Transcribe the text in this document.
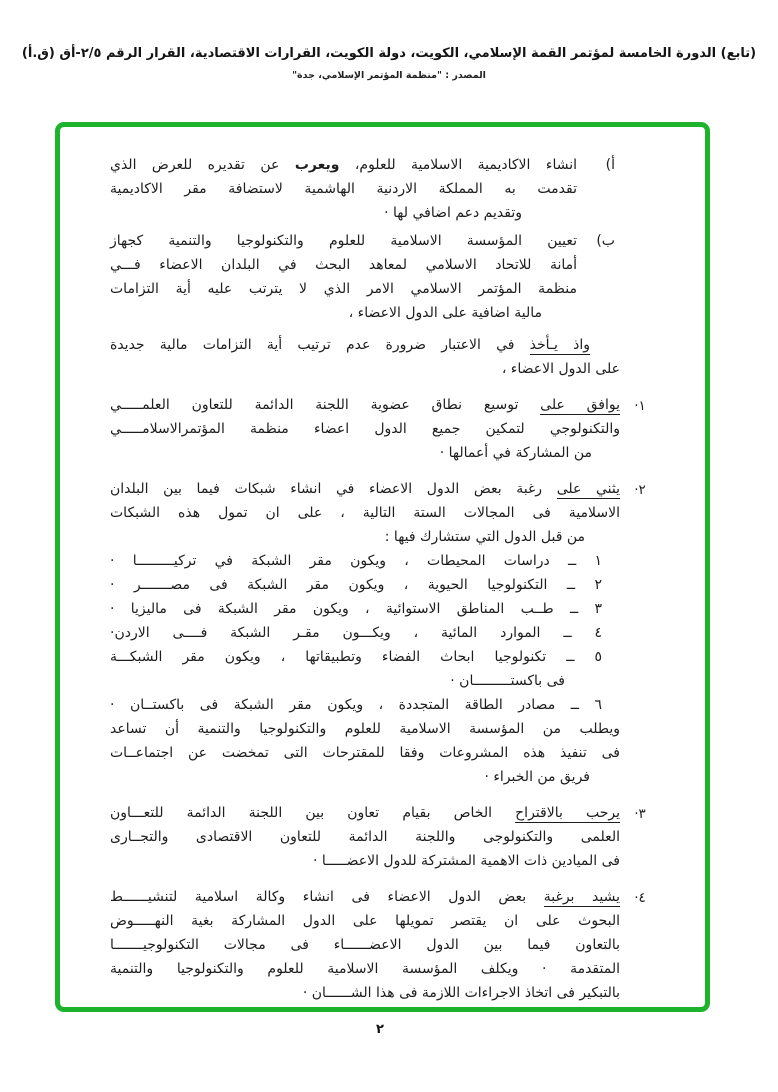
(تابع) الدورة الخامسة لمؤتمر القمة الإسلامي، الكويت، دولة الكويت، القرارات الاقتصادية، القرار الرقم ٢/٥-أق (ق.أ)
المصدر : "منظمة المؤتمر الإسلامي، جدة"
أ)
انشاء الاكاديمية الاسلامية للعلوم، ويعرب عن تقديره للعرض الذي
تقدمت به المملكة الاردنية الهاشمية لاستضافة مقر الاكاديمية
وتقديم دعم اضافي لها ·
ب)
تعيين المؤسسة الاسلامية للعلوم والتكنولوجيا والتنمية كجهاز
أمانة للاتحاد الاسلامي لمعاهد البحث في البلدان الاعضاء فـــي
منظمة المؤتمر الاسلامي الامر الذي لا يترتب عليه أية التزامات
مالية اضافية على الدول الاعضاء ،
واذ يـأخذ في الاعتبار ضرورة عدم ترتيب أية التزامات مالية جديدة
على الدول الاعضاء ،
·١
يوافق على توسيع نطاق عضوية اللجنة الدائمة للتعاون العلمـــــي
والتكنولوجي لتمكين جميع الدول اعضاء منظمة المؤتمرالاسلامـــــي
من المشاركة في أعمالها ·
·٢
يثني على رغبة بعض الدول الاعضاء في انشاء شبكات فيما بين البلدان
الاسلامية فى المجالات الستة التالية ، على ان تمول هذه الشبكات
من قبل الدول التي ستشارك فيها :
١ ــ دراسات المحيطات ، ويكون مقر الشبكة في تركيـــــــــا ·
٢ ــ التكنولوجيا الحيوية ، ويكون مقر الشبكة فى مصـــــــر ·
٣ ــ طــب المناطق الاستوائية ، ويكون مقر الشبكة فى ماليزيا ·
٤ ــ الموارد المائية ، ويكـــون مقـر الشبكة فــــى الاردن·
٥ ــ تكنولوجيا ابحاث الفضاء وتطبيقاتها ، ويكون مقر الشبكـــة
فى باكستـــــــــان ·
٦ ــ مصادر الطاقة المتجددة ، ويكون مقر الشبكة فى باكستــان ·
ويطلب من المؤسسة الاسلامية للعلوم والتكنولوجيا والتنمية أن تساعد
فى تنفيذ هذه المشروعات وفقا للمقترحات التى تمخضت عن اجتماعــات
فريق من الخبراء ·
·٣
يرحب بالاقتراح الخاص بقيام تعاون بين اللجنة الدائمة للتعـــاون
العلمى والتكنولوجى واللجنة الدائمة للتعاون الاقتصادى والتجــارى
فى الميادين ذات الاهمية المشتركة للدول الاعضـــــا ·
·٤
يشيد برغبة بعض الدول الاعضاء فى انشاء وكالة اسلامية لتنشيــــــط
البحوث على ان يقتصر تمويلها على الدول المشاركة بغية النهـــــوض
بالتعاون فيما بين الدول الاعضــــــاء فى مجالات التكنولوجيـــــــا
المتقدمة · ويكلف المؤسسة الاسلامية للعلوم والتكنولوجيا والتنمية
بالتبكير فى اتخاذ الاجراءات اللازمة فى هذا الشــــــان ·
٢
